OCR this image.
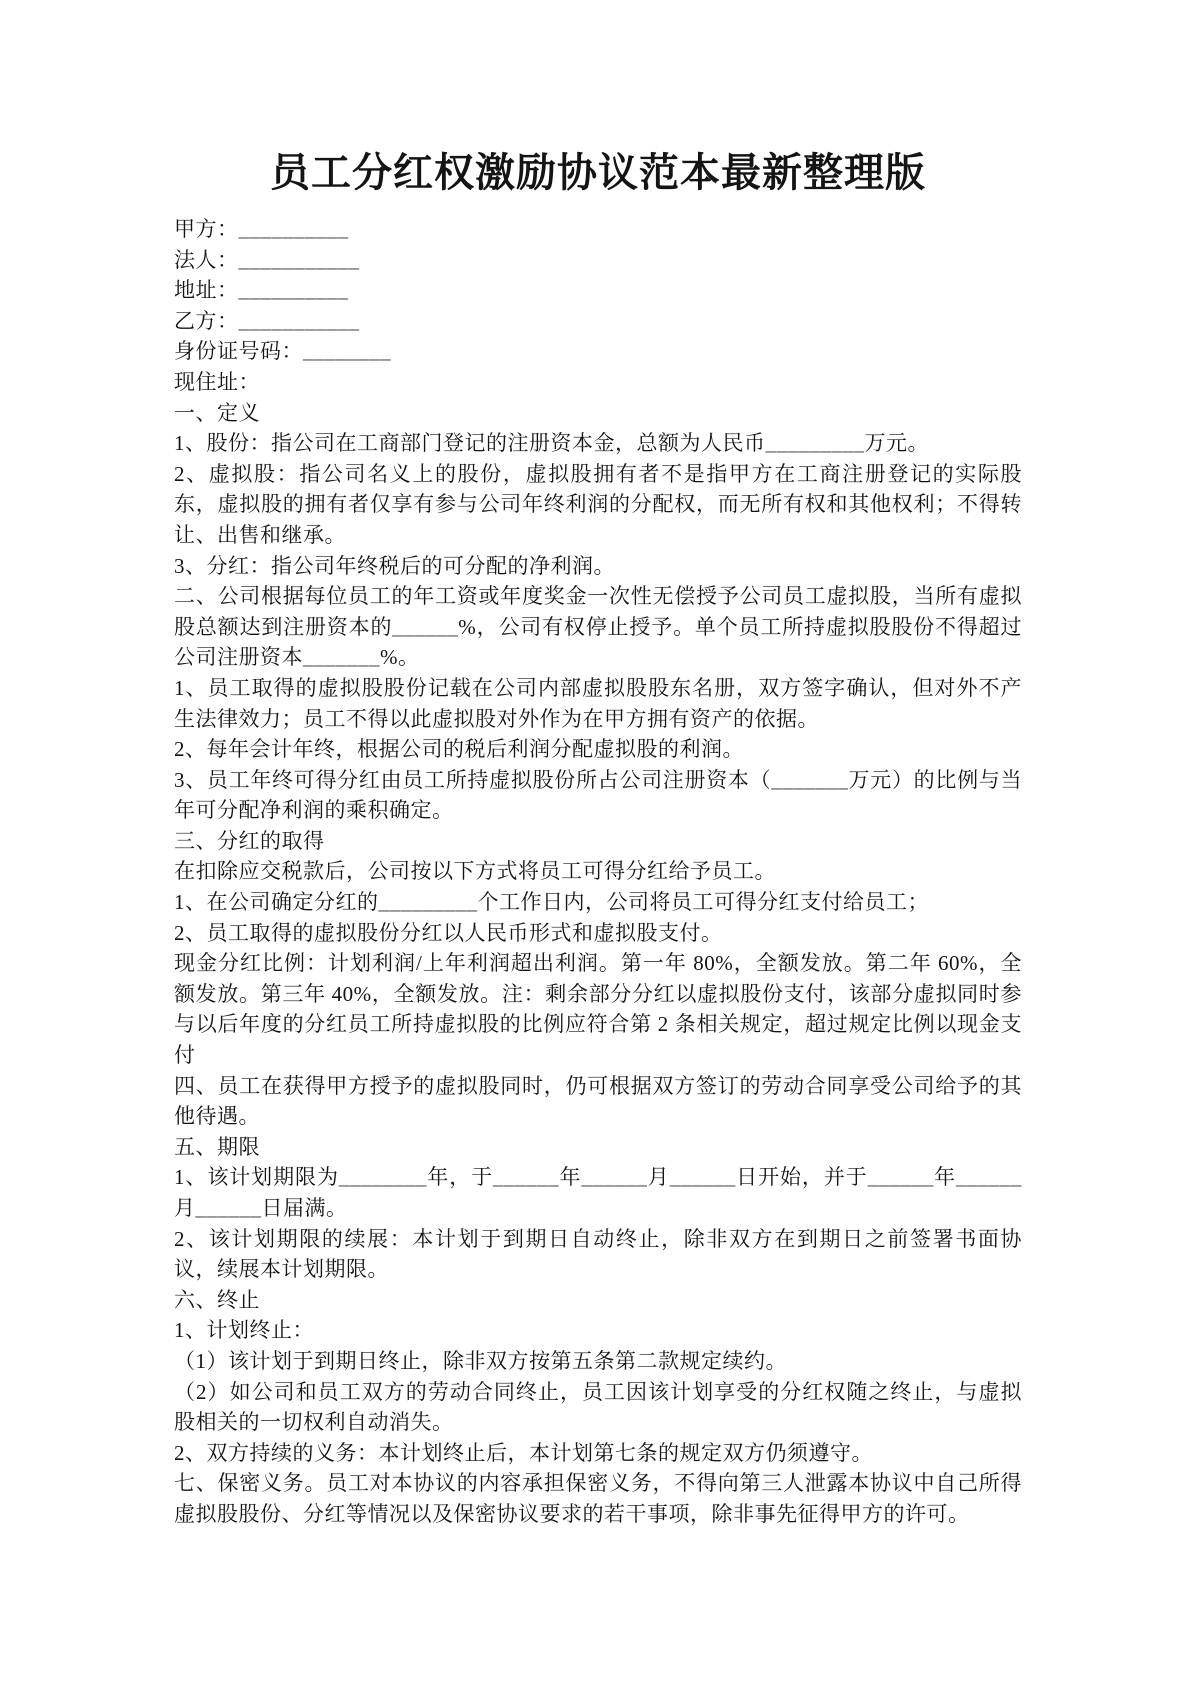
员工分红权激励协议范本最新整理版
甲方：__________
法人：___________
地址：__________
乙方：___________
身份证号码：________
现住址：
一、定义
1、股份：指公司在工商部门登记的注册资本金，总额为人民币_________万元。
2、虚拟股：指公司名义上的股份，虚拟股拥有者不是指甲方在工商注册登记的实际股东，虚拟股的拥有者仅享有参与公司年终利润的分配权，而无所有权和其他权利；不得转让、出售和继承。
3、分红：指公司年终税后的可分配的净利润。
二、公司根据每位员工的年工资或年度奖金一次性无偿授予公司员工虚拟股，当所有虚拟股总额达到注册资本的______%，公司有权停止授予。单个员工所持虚拟股股份不得超过公司注册资本_______%。
1、员工取得的虚拟股股份记载在公司内部虚拟股股东名册，双方签字确认，但对外不产生法律效力；员工不得以此虚拟股对外作为在甲方拥有资产的依据。
2、每年会计年终，根据公司的税后利润分配虚拟股的利润。
3、员工年终可得分红由员工所持虚拟股份所占公司注册资本（_______万元）的比例与当年可分配净利润的乘积确定。
三、分红的取得
在扣除应交税款后，公司按以下方式将员工可得分红给予员工。
1、在公司确定分红的_________个工作日内，公司将员工可得分红支付给员工；
2、员工取得的虚拟股份分红以人民币形式和虚拟股支付。
现金分红比例：计划利润/上年利润超出利润。第一年 80%，全额发放。第二年 60%，全额发放。第三年 40%，全额发放。注：剩余部分分红以虚拟股份支付，该部分虚拟同时参与以后年度的分红员工所持虚拟股的比例应符合第 2 条相关规定，超过规定比例以现金支付
四、员工在获得甲方授予的虚拟股同时，仍可根据双方签订的劳动合同享受公司给予的其他待遇。
五、期限
1、该计划期限为________年，于______年______月______日开始，并于______年______月______日届满。
2、该计划期限的续展：本计划于到期日自动终止，除非双方在到期日之前签署书面协议，续展本计划期限。
六、终止
1、计划终止：
（1）该计划于到期日终止，除非双方按第五条第二款规定续约。
（2）如公司和员工双方的劳动合同终止，员工因该计划享受的分红权随之终止，与虚拟股相关的一切权利自动消失。
2、双方持续的义务：本计划终止后，本计划第七条的规定双方仍须遵守。
七、保密义务。员工对本协议的内容承担保密义务，不得向第三人泄露本协议中自己所得虚拟股股份、分红等情况以及保密协议要求的若干事项，除非事先征得甲方的许可。
